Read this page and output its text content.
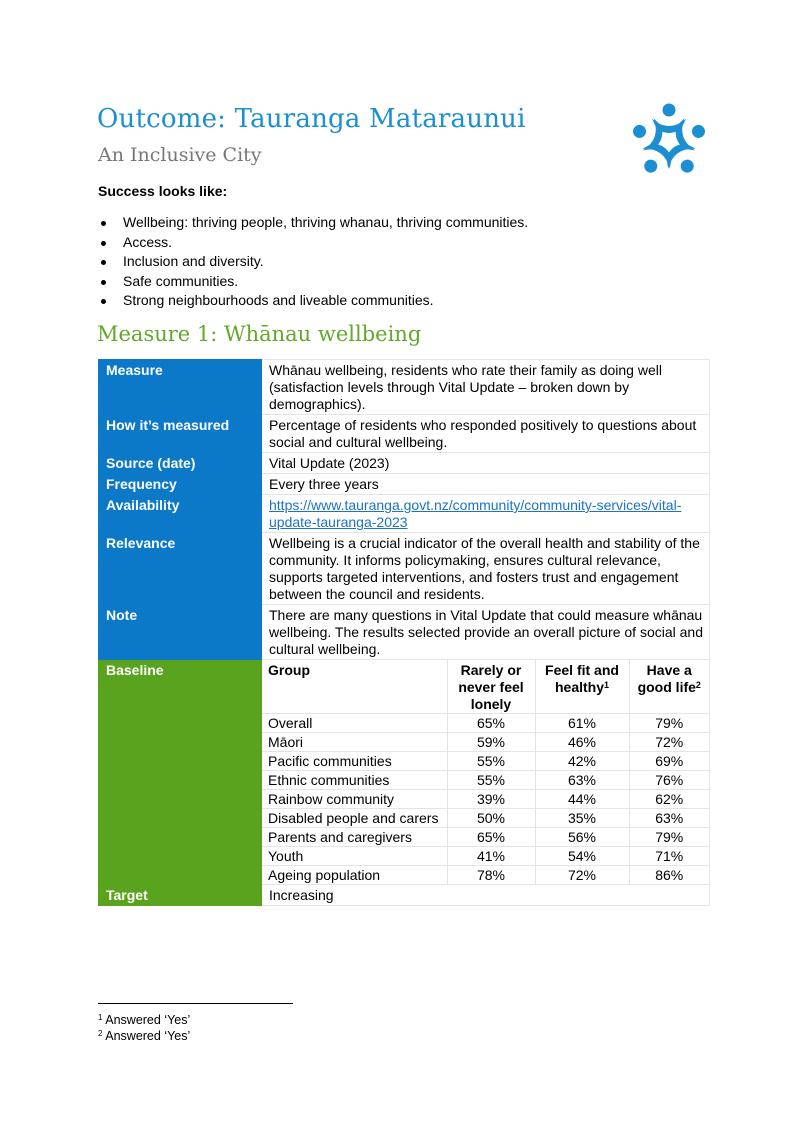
Outcome: Tauranga Mataraunui
An Inclusive City

Success looks like:

Wellbeing: thriving people, thriving whanau, thriving communities.
Access.
Inclusion and diversity.
Safe communities.
Strong neighbourhoods and liveable communities.
Measure 1: Whānau wellbeing
Measure	Whānau wellbeing, residents who rate their family as doing well (satisfaction levels through Vital Update – broken down by demographics).
How it’s measured	Percentage of residents who responded positively to questions about social and cultural wellbeing.
Source (date)	Vital Update (2023)
Frequency	Every three years
Availability	https://www.tauranga.govt.nz/community/community-services/vital-update-tauranga-2023
Relevance	Wellbeing is a crucial indicator of the overall health and stability of the community. It informs policymaking, ensures cultural relevance, supports targeted interventions, and fosters trust and engagement between the council and residents.
Note	There are many questions in Vital Update that could measure whānau wellbeing. The results selected provide an overall picture of social and cultural wellbeing.
Baseline		Group	Rarely or never feel lonely	Feel fit and healthy$^1$	Have a good life$^2$
Overall	65%	61%	79%
Māori	59%	46%	72%
Pacific communities	55%	42%	69%
Ethnic communities	55%	63%	76%
Rainbow community	39%	44%	62%
Disabled people and carers	50%	35%	63%
Parents and caregivers	65%	56%	79%
Youth	41%	54%	71%
Ageing population	78%	72%	86%

Target	Increasing
$^1$ Answered ‘Yes’
$^2$ Answered ‘Yes’
